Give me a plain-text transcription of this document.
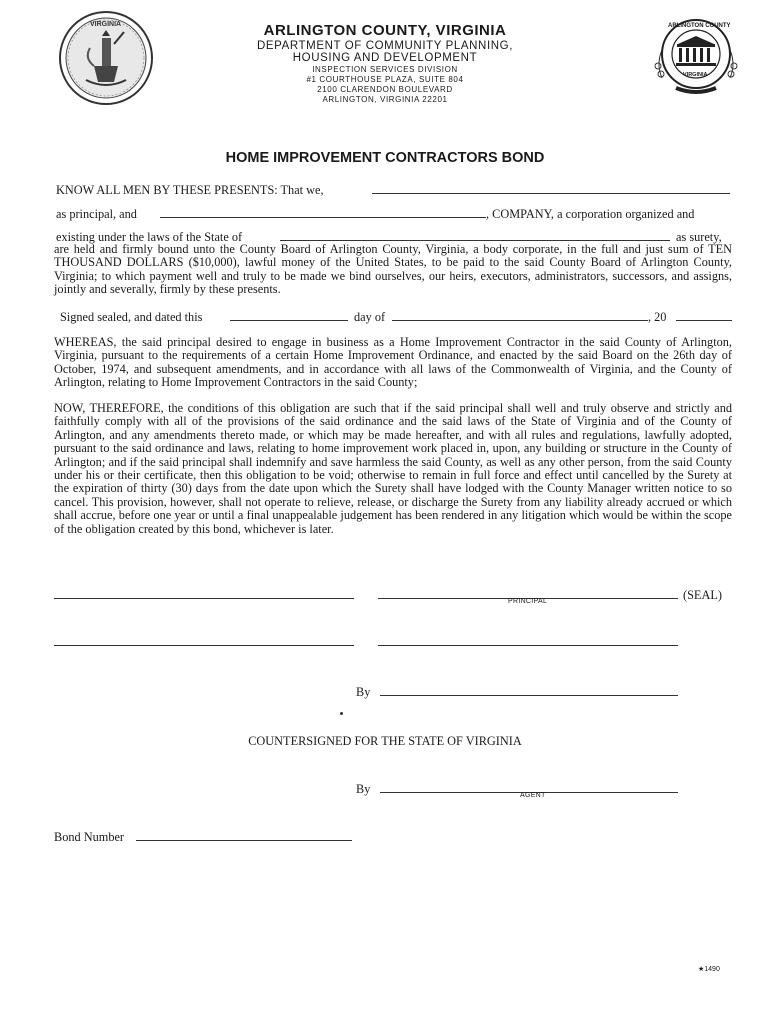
VIRGINIA	ARLINGTON COUNTY
VIRGINIA
ARLINGTON COUNTY, VIRGINIA
DEPARTMENT OF COMMUNITY PLANNING,
HOUSING AND DEVELOPMENT
INSPECTION SERVICES DIVISION
#1 COURTHOUSE PLAZA, SUITE 804
2100 CLARENDON BOULEVARD
ARLINGTON, VIRGINIA 22201
HOME IMPROVEMENT CONTRACTORS BOND
KNOW ALL MEN BY THESE PRESENTS: That we,
as principal, and	, COMPANY, a corporation organized and
existing under the laws of the State of	as surety,
are held and firmly bound unto the County Board of Arlington County, Virginia, a body corporate, in the full and just sum of TEN THOUSAND DOLLARS ($10,000), lawful money of the United States, to be paid to the said County Board of Arlington County, Virginia; to which payment well and truly to be made we bind ourselves, our heirs, executors, administrators, successors, and assigns, jointly and severally, firmly by these presents.
Signed sealed, and dated this	day of	, 20
WHEREAS, the said principal desired to engage in business as a Home Improvement Contractor in the said County of Arlington, Virginia, pursuant to the requirements of a certain Home Improvement Ordinance, and enacted by the said Board on the 26th day of October, 1974, and subsequent amendments, and in accordance with all laws of the Commonwealth of Virginia, and the County of Arlington, relating to Home Improvement Contractors in the said County;
NOW, THEREFORE, the conditions of this obligation are such that if the said principal shall well and truly observe and strictly and faithfully comply with all of the provisions of the said ordinance and the said laws of the State of Virginia and of the County of Arlington, and any amendments thereto made, or which may be made hereafter, and with all rules and regulations, lawfully adopted, pursuant to the said ordinance and laws, relating to home improvement work placed in, upon, any building or structure in the County of Arlington; and if the said principal shall indemnify and save harmless the said County, as well as any other person, from the said County under his or their certificate, then this obligation to be void; otherwise to remain in full force and effect until cancelled by the Surety at the expiration of thirty (30) days from the date upon which the Surety shall have lodged with the County Manager written notice to so cancel. This provision, however, shall not operate to relieve, release, or discharge the Surety from any liability already accrued or which shall accrue, before one year or until a final unappealable judgement has been rendered in any litigation which would be within the scope of the obligation created by this bond, whichever is later.
PRINCIPAL	(SEAL)
By
COUNTERSIGNED FOR THE STATE OF VIRGINIA
By	AGENT
Bond Number
★1490
